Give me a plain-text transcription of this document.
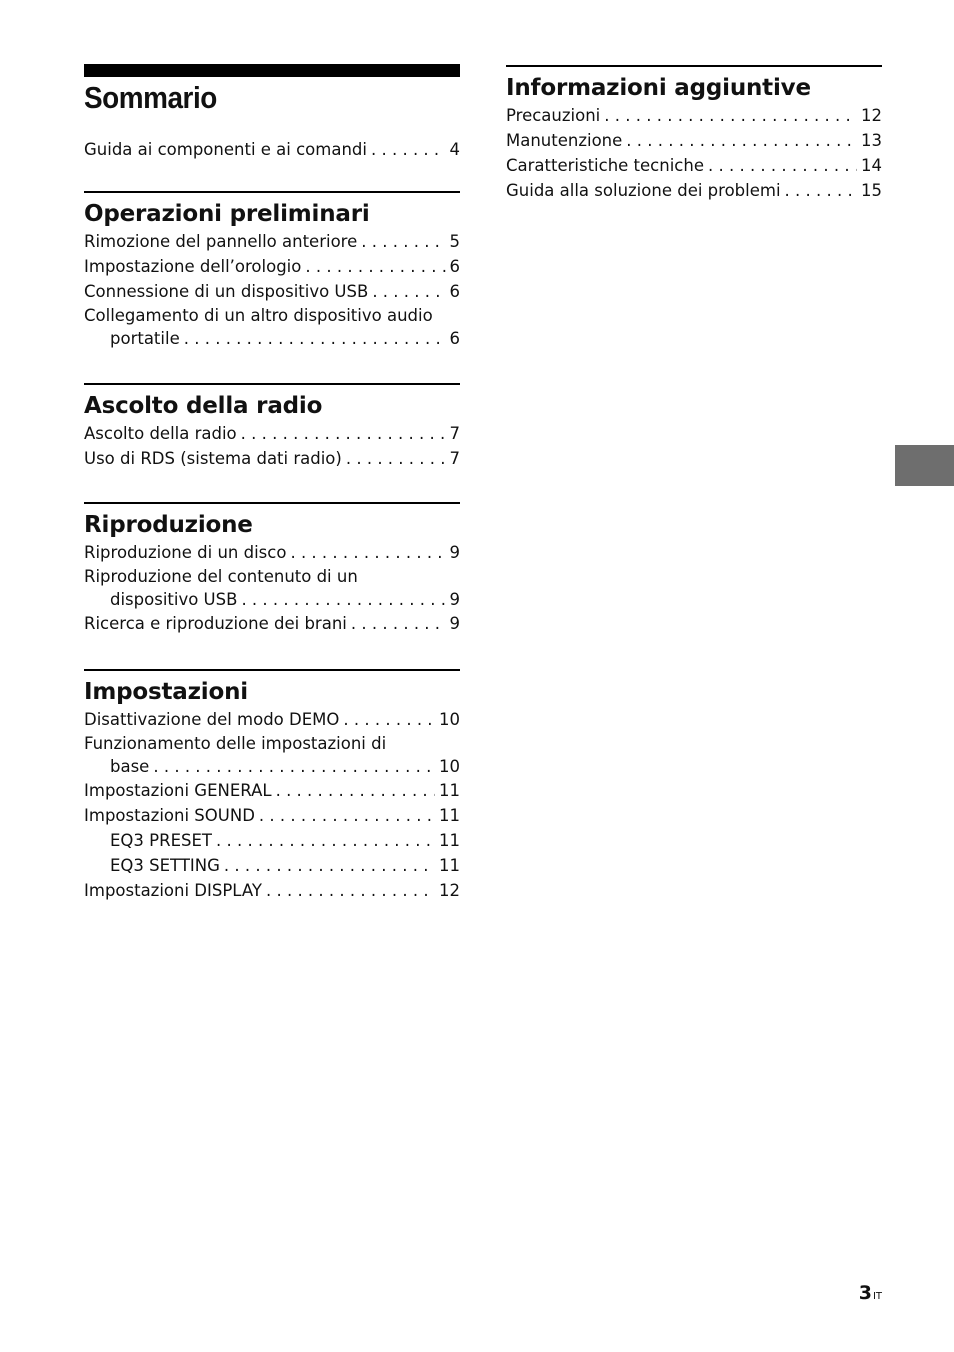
Sommario
Guida ai componenti e ai comandi . . .	4
Operazioni preliminari
Rimozione del pannello anteriore . . .	5
Impostazione dell’orologio . . .	6
Connessione di un dispositivo USB . . .	6
Collegamento di un altro dispositivo audio
portatile . . .	6
Ascolto della radio
Ascolto della radio . . .	7
Uso di RDS (sistema dati radio) . . .	7
Riproduzione
Riproduzione di un disco . . .	9
Riproduzione del contenuto di un
dispositivo USB . . .	9
Ricerca e riproduzione dei brani . . .	9
Impostazioni
Disattivazione del modo DEMO . . .	10
Funzionamento delle impostazioni di
base . . .	10
Impostazioni GENERAL . . .	11
Impostazioni SOUND . . .	11
EQ3 PRESET . . .	11
EQ3 SETTING . . .	11
Impostazioni DISPLAY . . .	12
Informazioni aggiuntive
Precauzioni . . .	12
Manutenzione . . .	13
Caratteristiche tecniche . . .	14
Guida alla soluzione dei problemi . . .	15
3IT
